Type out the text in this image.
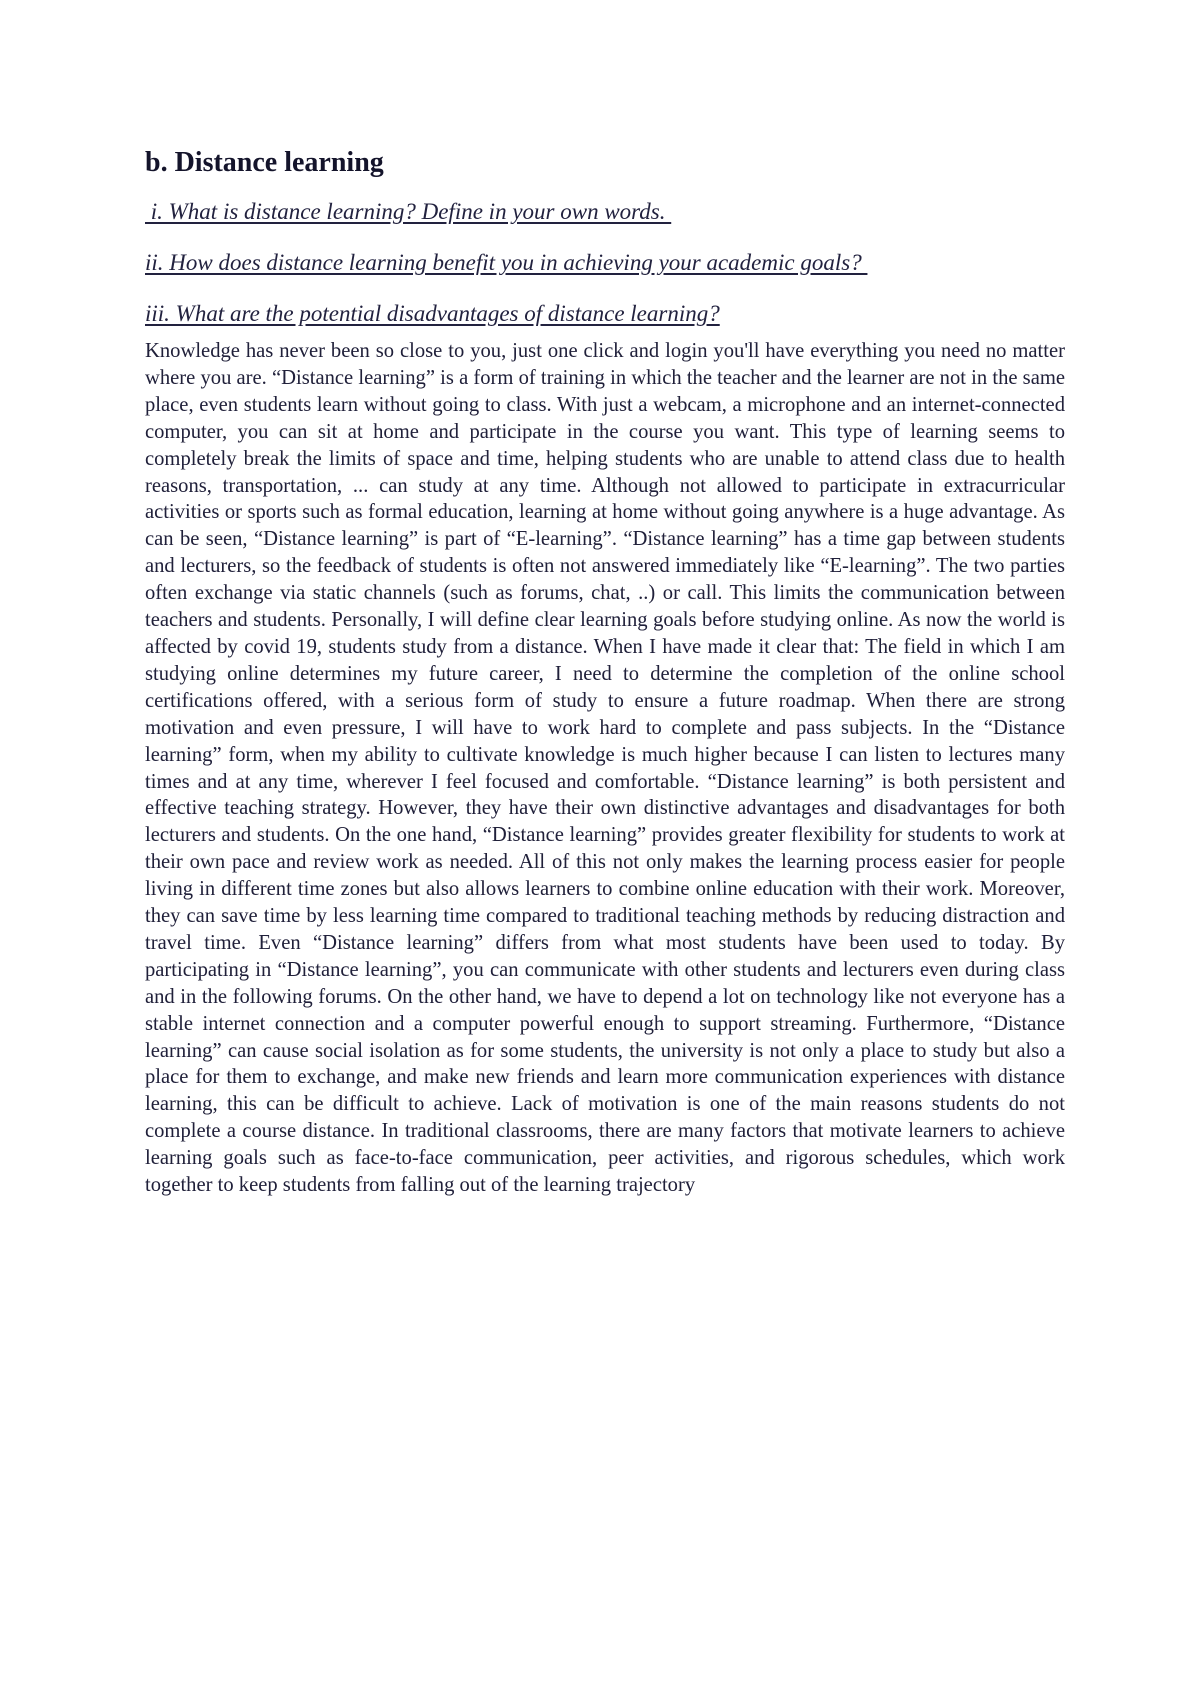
b. Distance learning

i. What is distance learning? Define in your own words.

ii. How does distance learning benefit you in achieving your academic goals?

iii. What are the potential disadvantages of distance learning?

Knowledge has never been so close to you, just one click and login you'll have everything you need no matter where you are. “Distance learning” is a form of training in which the teacher and the learner are not in the same place, even students learn without going to class. With just a webcam, a microphone and an internet-connected computer, you can sit at home and participate in the course you want. This type of learning seems to completely break the limits of space and time, helping students who are unable to attend class due to health reasons, transportation, ... can study at any time. Although not allowed to participate in extracurricular activities or sports such as formal education, learning at home without going anywhere is a huge advantage. As can be seen, “Distance learning” is part of “E-learning”. “Distance learning” has a time gap between students and lecturers, so the feedback of students is often not answered immediately like “E-learning”. The two parties often exchange via static channels (such as forums, chat, ..) or call. This limits the communication between teachers and students. Personally, I will define clear learning goals before studying online. As now the world is affected by covid 19, students study from a distance. When I have made it clear that: The field in which I am studying online determines my future career, I need to determine the completion of the online school certifications offered, with a serious form of study to ensure a future roadmap. When there are strong motivation and even pressure, I will have to work hard to complete and pass subjects. In the “Distance learning” form, when my ability to cultivate knowledge is much higher because I can listen to lectures many times and at any time, wherever I feel focused and comfortable. “Distance learning” is both persistent and effective teaching strategy. However, they have their own distinctive advantages and disadvantages for both lecturers and students. On the one hand, “Distance learning” provides greater flexibility for students to work at their own pace and review work as needed. All of this not only makes the learning process easier for people living in different time zones but also allows learners to combine online education with their work. Moreover, they can save time by less learning time compared to traditional teaching methods by reducing distraction and travel time. Even “Distance learning” differs from what most students have been used to today. By participating in “Distance learning”, you can communicate with other students and lecturers even during class and in the following forums. On the other hand, we have to depend a lot on technology like not everyone has a stable internet connection and a computer powerful enough to support streaming. Furthermore, “Distance learning” can cause social isolation as for some students, the university is not only a place to study but also a place for them to exchange, and make new friends and learn more communication experiences with distance learning, this can be difficult to achieve. Lack of motivation is one of the main reasons students do not complete a course distance. In traditional classrooms, there are many factors that motivate learners to achieve learning goals such as face-to-face communication, peer activities, and rigorous schedules, which work together to keep students from falling out of the learning trajectory
